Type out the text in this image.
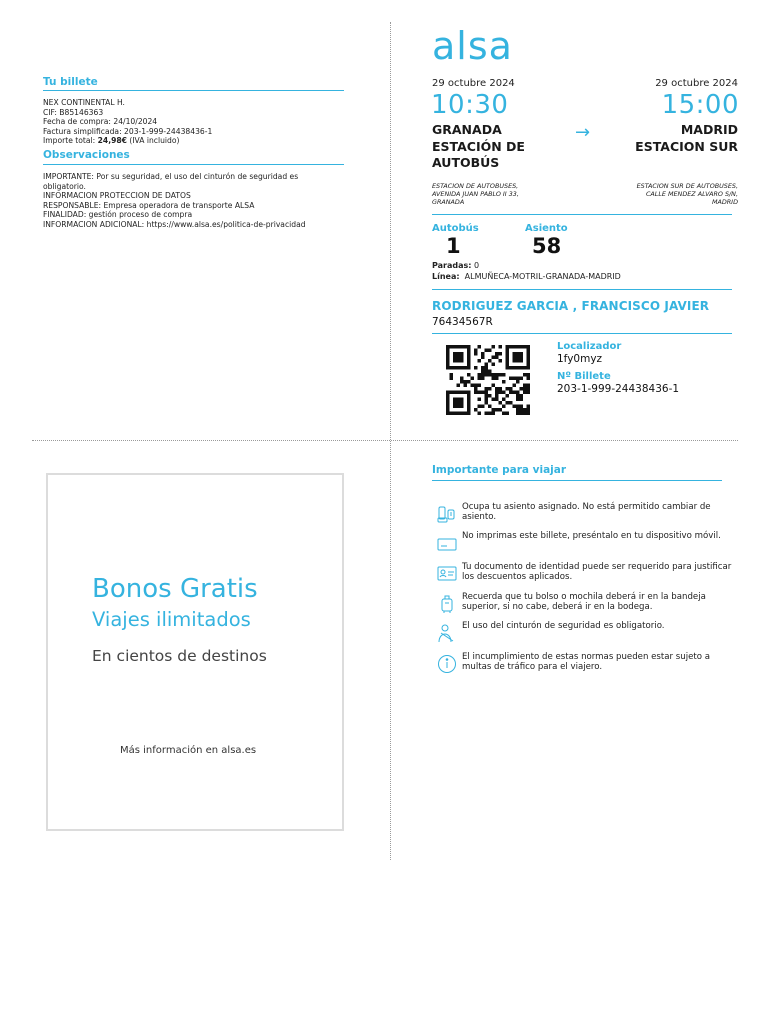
Tu billete
NEX CONTINENTAL H.
CIF: B85146363
Fecha de compra: 24/10/2024
Factura simplificada: 203-1-999-24438436-1
Importe total: 24,98€ (IVA incluido)
Observaciones
IMPORTANTE: Por su seguridad, el uso del cinturón de seguridad es
obligatorio.
INFORMACION PROTECCION DE DATOS
RESPONSABLE: Empresa operadora de transporte ALSA
FINALIDAD: gestión proceso de compra
INFORMACION ADICIONAL: https://www.alsa.es/politica-de-privacidad
alsa
29 octubre 2024	29 octubre 2024
10:30	15:00
GRANADA
ESTACIÓN DE
AUTOBÚS
→	MADRID
ESTACION SUR
ESTACION DE AUTOBUSES,
AVENIDA JUAN PABLO II 33,
GRANADA
ESTACION SUR DE AUTOBUSES,
CALLE MENDEZ ALVARO S/N,
MADRID
Autobús
1
Asiento
58
Paradas: 0
Línea:  ALMUÑECA-MOTRIL-GRANADA-MADRID
RODRIGUEZ GARCIA , FRANCISCO JAVIER
76434567R
Localizador
1fy0myz
Nº Billete
203-1-999-24438436-1
Bonos Gratis
Viajes ilimitados
En cientos de destinos
Más información en alsa.es
Importante para viajar
Ocupa tu asiento asignado. No está permitido cambiar de asiento.
No imprimas este billete, preséntalo en tu dispositivo móvil.
Tu documento de identidad puede ser requerido para justificar los descuentos aplicados.
Recuerda que tu bolso o mochila deberá ir en la bandeja superior, si no cabe, deberá ir en la bodega.
El uso del cinturón de seguridad es obligatorio.
El incumplimiento de estas normas pueden estar sujeto a multas de tráfico para el viajero.
